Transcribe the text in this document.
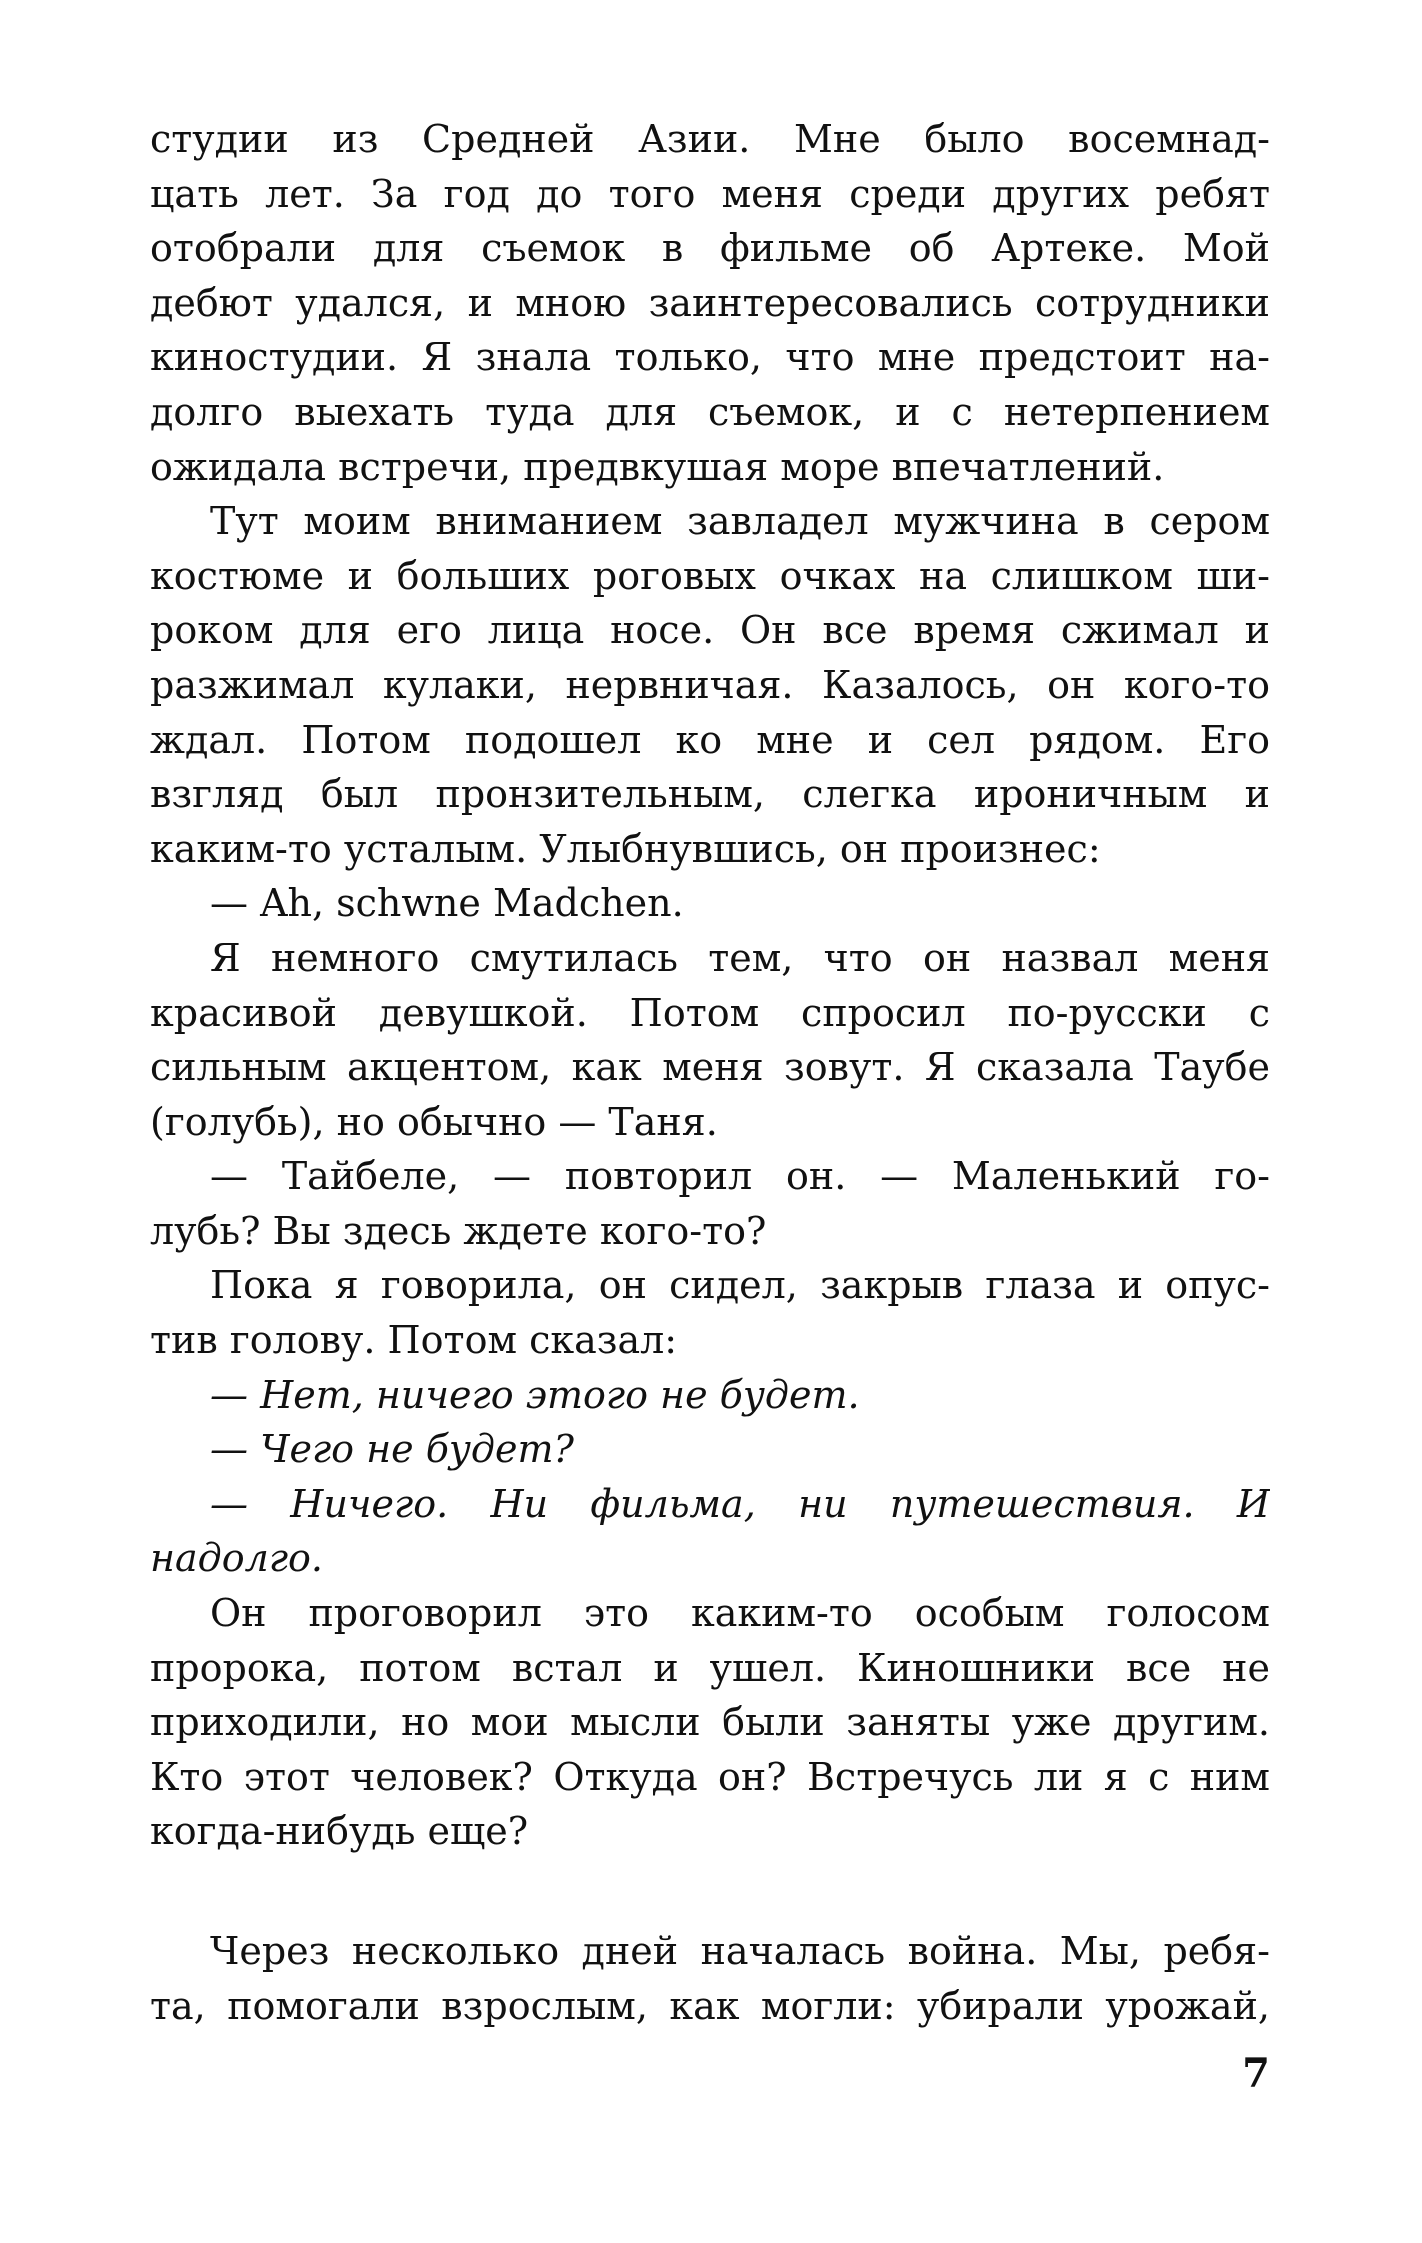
студии из Средней Азии. Мне было восемнад-
цать лет. За год до того меня среди других ребят
отобрали для съемок в фильме об Артеке. Мой
дебют удался, и мною заинтересовались сотрудники
киностудии. Я знала только, что мне предстоит на-
долго выехать туда для съемок, и с нетерпением
ожидала встречи, предвкушая море впечатлений.
Тут моим вниманием завладел мужчина в сером
костюме и больших роговых очках на слишком ши-
роком для его лица носе. Он все время сжимал и
разжимал кулаки, нервничая. Казалось, он кого-то
ждал. Потом подошел ко мне и сел рядом. Его
взгляд был пронзительным, слегка ироничным и
каким-то усталым. Улыбнувшись, он произнес:
— Ah, schwne Madchen.
Я немного смутилась тем, что он назвал меня
красивой девушкой. Потом спросил по-русски с
сильным акцентом, как меня зовут. Я сказала Таубе
(голубь), но обычно — Таня.
— Тайбеле, — повторил он. — Маленький го-
лубь? Вы здесь ждете кого-то?
Пока я говорила, он сидел, закрыв глаза и опус-
тив голову. Потом сказал:
— Нет, ничего этого не будет.
— Чего не будет?
— Ничего. Ни фильма, ни путешествия. И
надолго.
Он проговорил это каким-то особым голосом
пророка, потом встал и ушел. Киношники все не
приходили, но мои мысли были заняты уже другим.
Кто этот человек? Откуда он? Встречусь ли я с ним
когда-нибудь еще?
Через несколько дней началась война. Мы, ребя-
та, помогали взрослым, как могли: убирали урожай,
7
